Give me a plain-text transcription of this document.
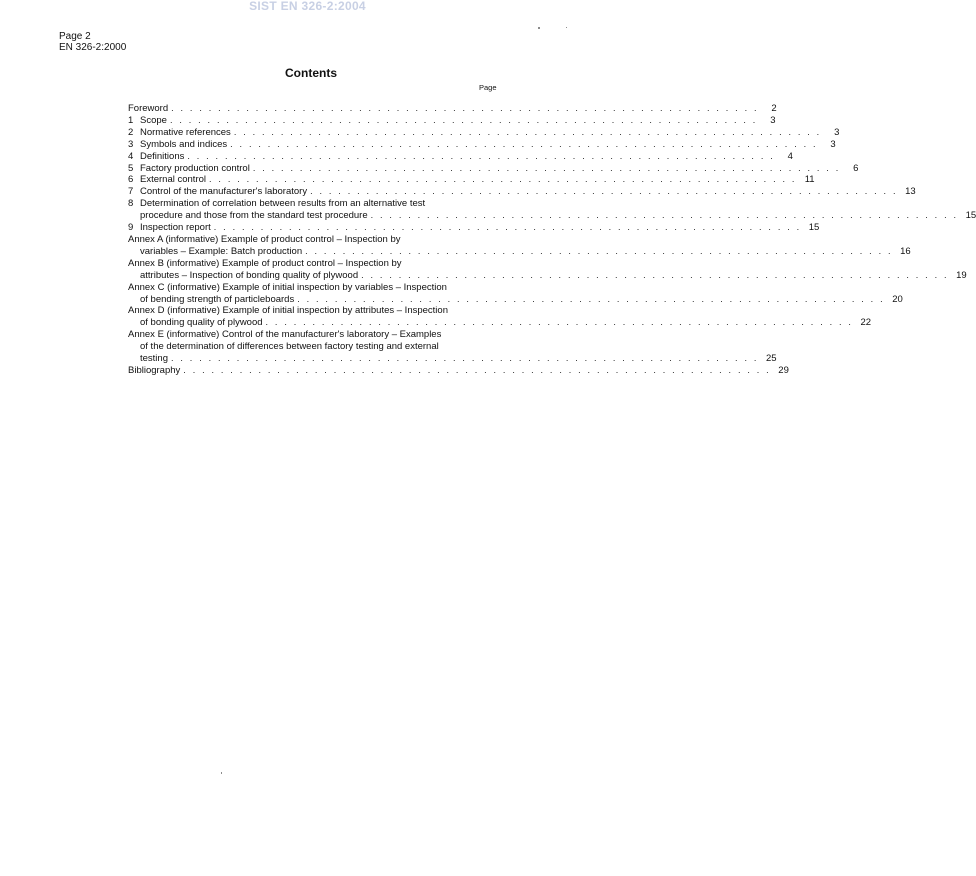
SIST EN 326-2:2004
Page 2
EN 326-2:2000
Contents
Page
Foreword . . . . . . . . . . . . . . . . . . . . . . . . . . . . . . . . . . . . . . . . . . . . . . . . . . . . . . . . . . . . . . .	2
1 Scope . . . . . . . . . . . . . . . . . . . . . . . . . . . . . . . . . . . . . . . . . . . . . . . . . . . . . . . . . . . . . . .	3
2 Normative references . . . . . . . . . . . . . . . . . . . . . . . . . . . . . . . . . . . . . . . . . . . . . . . . . . . . . . . . . . . . . . .	3
3 Symbols and indices . . . . . . . . . . . . . . . . . . . . . . . . . . . . . . . . . . . . . . . . . . . . . . . . . . . . . . . . . . . . . . .	3
4 Definitions . . . . . . . . . . . . . . . . . . . . . . . . . . . . . . . . . . . . . . . . . . . . . . . . . . . . . . . . . . . . . . .	4
5 Factory production control . . . . . . . . . . . . . . . . . . . . . . . . . . . . . . . . . . . . . . . . . . . . . . . . . . . . . . . . . . . . . . .	6
6 External control . . . . . . . . . . . . . . . . . . . . . . . . . . . . . . . . . . . . . . . . . . . . . . . . . . . . . . . . . . . . . . . 11
7 Control of the manufacturer's laboratory . . . . . . . . . . . . . . . . . . . . . . . . . . . . . . . . . . . . . . . . . . . . . . . . . . . . . . . . . . . . . . . 13
8 Determination of correlation between results from an alternative test
procedure and those from the standard test procedure . . . . . . . . . . . . . . . . . . . . . . . . . . . . . . . . . . . . . . . . . . . . . . . . . . . . . . . . . . . . . . . 15
9 Inspection report . . . . . . . . . . . . . . . . . . . . . . . . . . . . . . . . . . . . . . . . . . . . . . . . . . . . . . . . . . . . . . . 15
Annex A (informative) Example of product control – Inspection by
variables – Example: Batch production . . . . . . . . . . . . . . . . . . . . . . . . . . . . . . . . . . . . . . . . . . . . . . . . . . . . . . . . . . . . . . . 16
Annex B (informative) Example of product control – Inspection by
attributes – Inspection of bonding quality of plywood . . . . . . . . . . . . . . . . . . . . . . . . . . . . . . . . . . . . . . . . . . . . . . . . . . . . . . . . . . . . . . . 19
Annex C (informative) Example of initial inspection by variables – Inspection
of bending strength of particleboards . . . . . . . . . . . . . . . . . . . . . . . . . . . . . . . . . . . . . . . . . . . . . . . . . . . . . . . . . . . . . . . 20
Annex D (informative) Example of initial inspection by attributes – Inspection
of bonding quality of plywood . . . . . . . . . . . . . . . . . . . . . . . . . . . . . . . . . . . . . . . . . . . . . . . . . . . . . . . . . . . . . . . 22
Annex E (informative) Control of the manufacturer's laboratory – Examples
of the determination of differences between factory testing and external
testing . . . . . . . . . . . . . . . . . . . . . . . . . . . . . . . . . . . . . . . . . . . . . . . . . . . . . . . . . . . . . . . 25
Bibliography . . . . . . . . . . . . . . . . . . . . . . . . . . . . . . . . . . . . . . . . . . . . . . . . . . . . . . . . . . . . . . . 29
